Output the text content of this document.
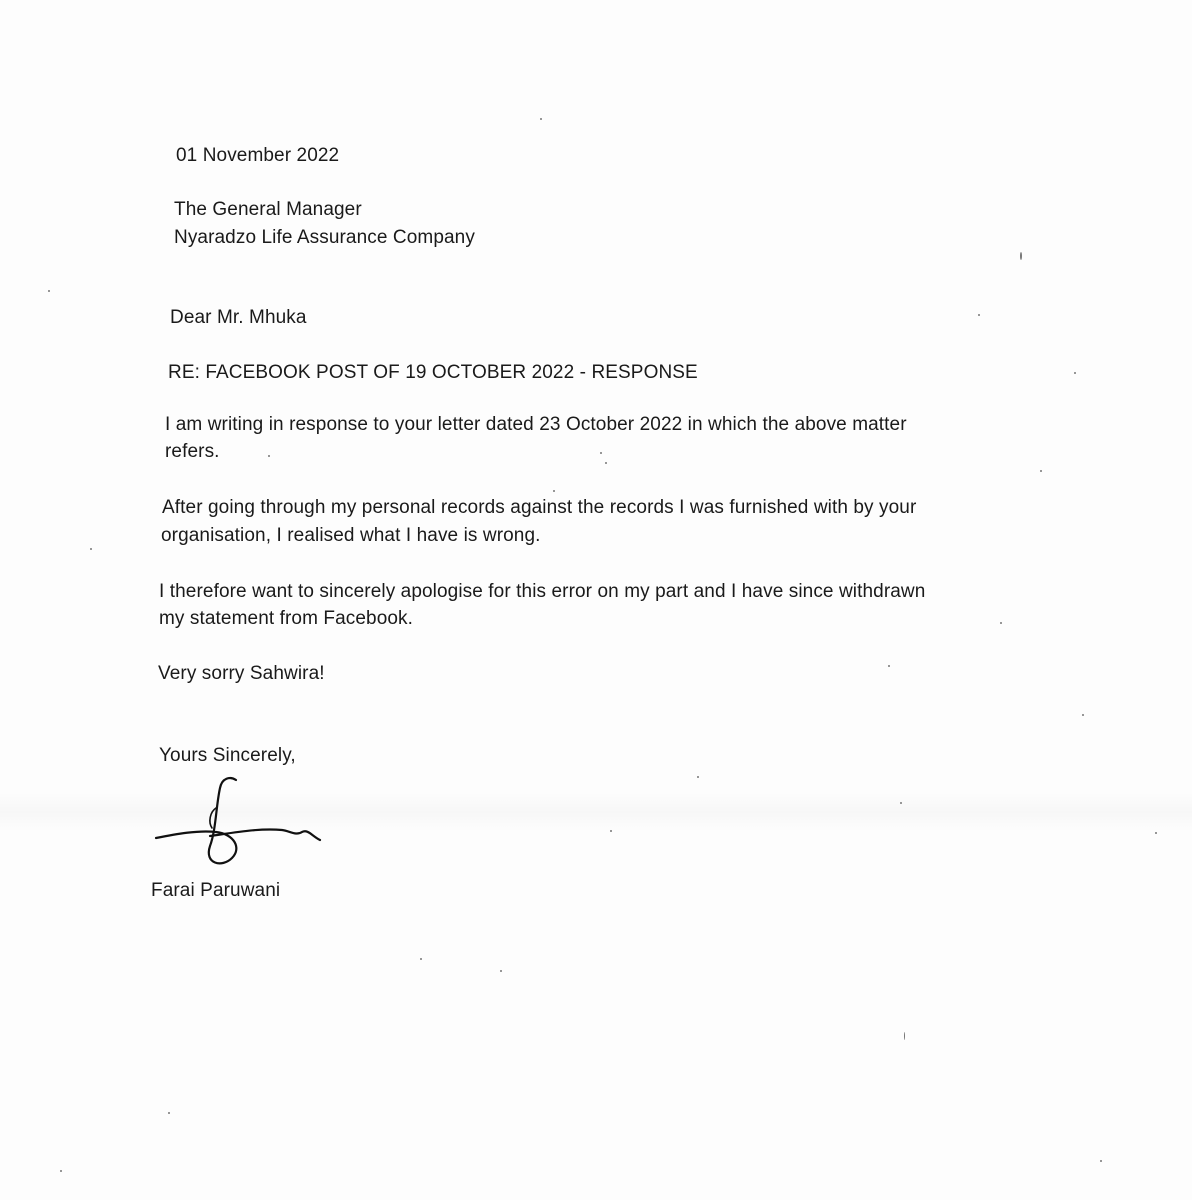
01 November 2022
The General Manager
Nyaradzo Life Assurance Company
Dear Mr. Mhuka
RE: FACEBOOK POST OF 19 OCTOBER 2022 - RESPONSE
I am writing in response to your letter dated 23 October 2022 in which the above matter
refers.
After going through my personal records against the records I was furnished with by your
organisation, I realised what I have is wrong.
I therefore want to sincerely apologise for this error on my part and I have since withdrawn
my statement from Facebook.
Very sorry Sahwira!
Yours Sincerely,
Farai Paruwani
